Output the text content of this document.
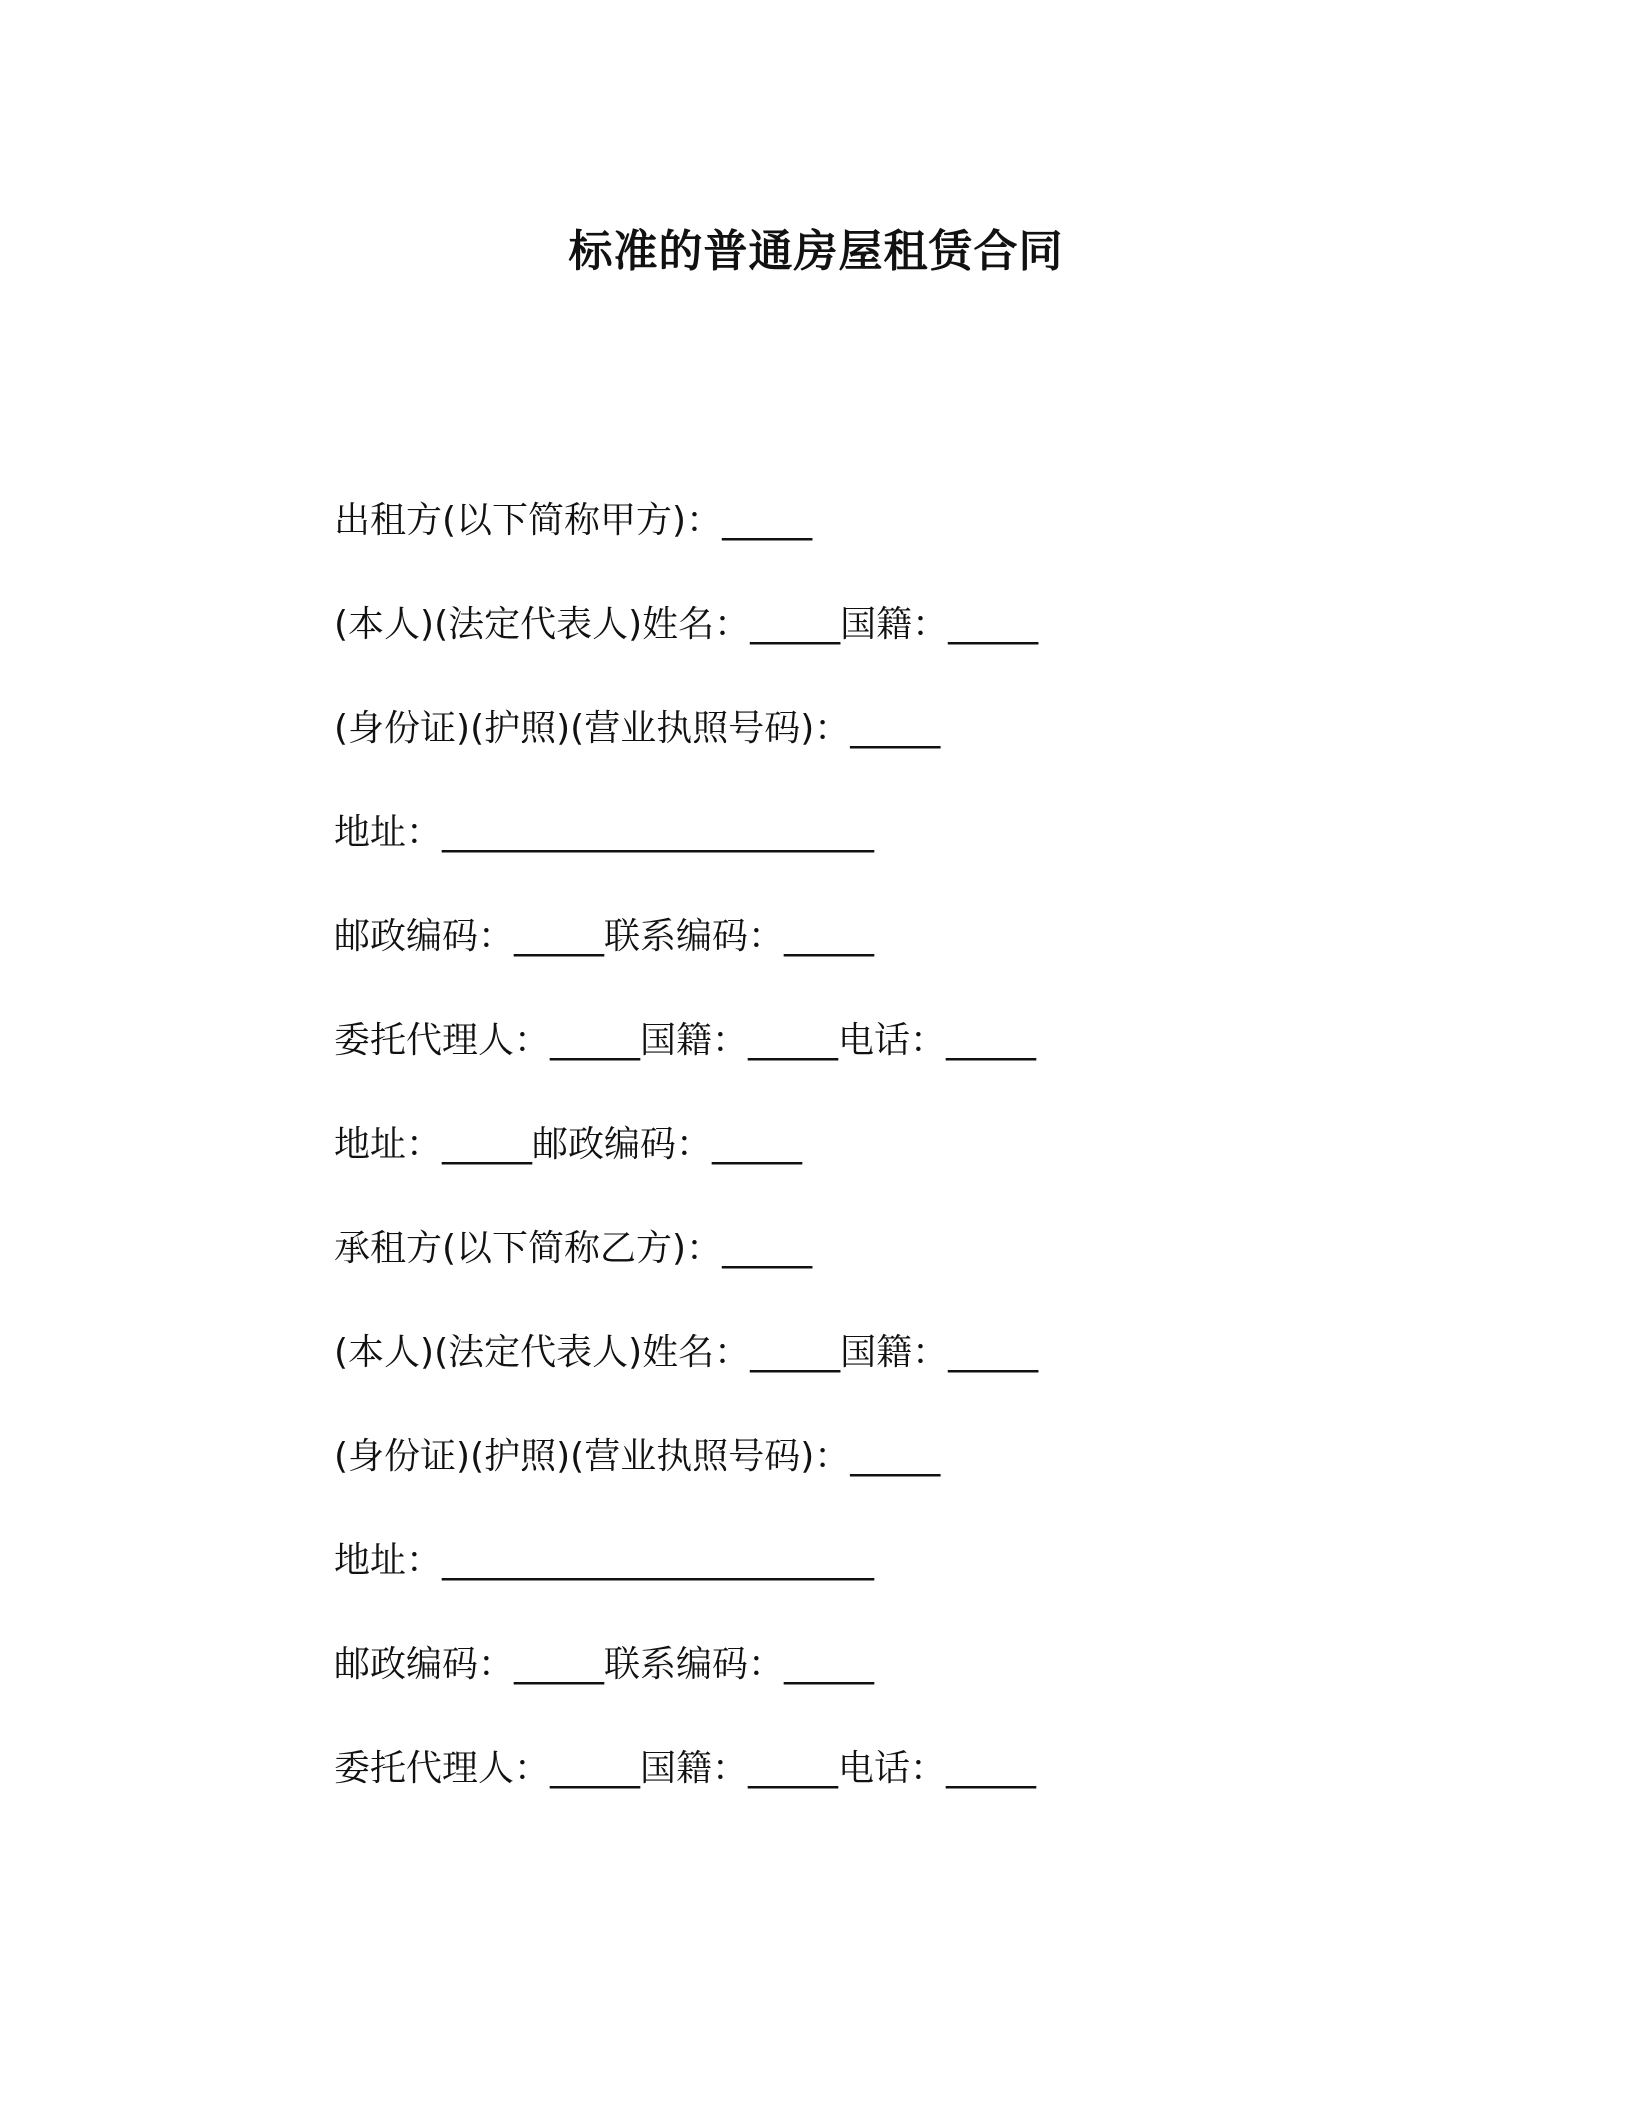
标准的普通房屋租赁合同
出租方(以下简称甲方)：_____
(本人)(法定代表人)姓名：_____国籍：_____
(身份证)(护照)(营业执照号码)：_____
地址：________________________
邮政编码：_____联系编码：_____
委托代理人：_____国籍：_____电话：_____
地址：_____邮政编码：_____
承租方(以下简称乙方)：_____
(本人)(法定代表人)姓名：_____国籍：_____
(身份证)(护照)(营业执照号码)：_____
地址：________________________
邮政编码：_____联系编码：_____
委托代理人：_____国籍：_____电话：_____
